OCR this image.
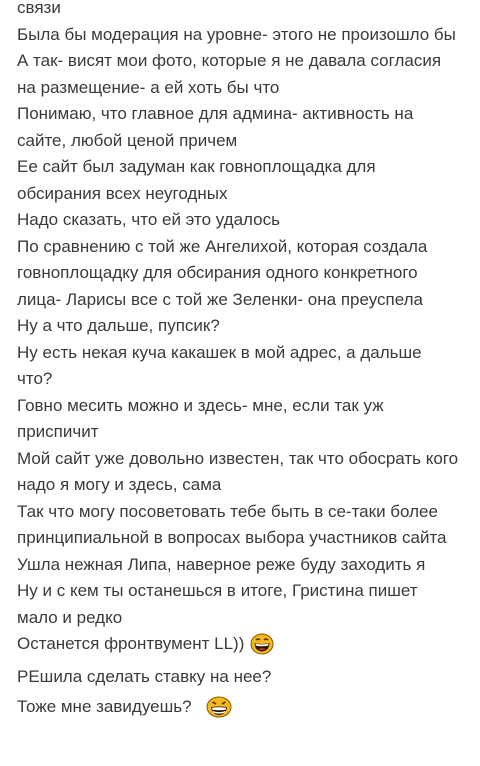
связи
Была бы модерация на уровне- этого не произошло бы
А так- висят мои фото, которые я не давала согласия на размещение- а ей хоть бы что
Понимаю, что главное для админа- активность на сайте, любой ценой причем
Ее сайт был задуман как говноплощадка для обсирания всех неугодных
Надо сказать, что ей это удалось
По сравнению с той же Ангелихой, которая создала говноплощадку для обсирания одного конкретного лица- Ларисы все с той же Зеленки- она преуспела
Ну а что дальше, пупсик?
Ну есть некая куча какашек в мой адрес, а дальше что?
Говно месить можно и здесь- мне, если так уж приспичит
Мой сайт уже довольно известен, так что обосрать кого надо я могу и здесь, сама
Так что могу посоветовать тебе быть в се-таки более принципиальной в вопросах выбора участников сайта
Ушла нежная Липа, наверное реже буду заходить я
Ну и с кем ты останешься в итоге, Гристина пишет мало и редко
Останется фронтвумент LL))
РЕшила сделать ставку на нее?
Тоже мне завидуешь?
